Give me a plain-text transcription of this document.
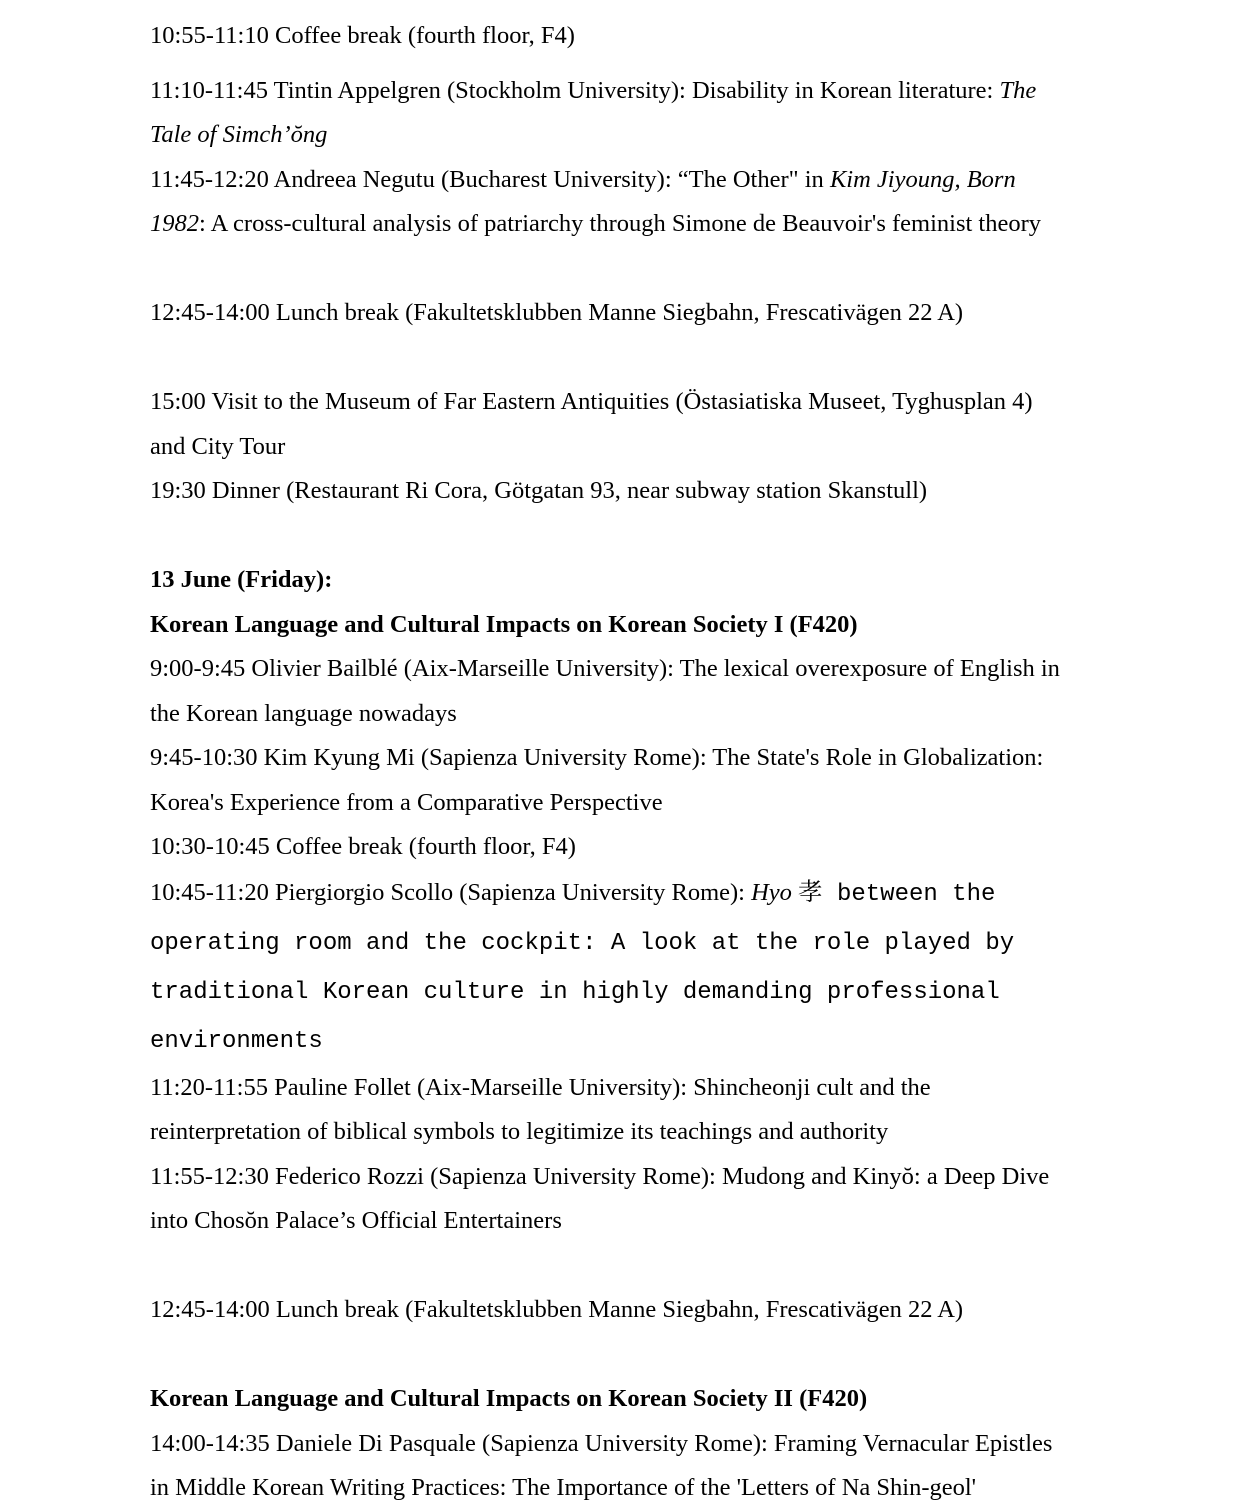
10:55-11:10 Coffee break (fourth floor, F4)
11:10-11:45 Tintin Appelgren (Stockholm University): Disability in Korean literature: The
Tale of Simch’ŏng
11:45-12:20 Andreea Negutu (Bucharest University): “The Other" in Kim Jiyoung, Born
1982: A cross-cultural analysis of patriarchy through Simone de Beauvoir's feminist theory

12:45-14:00 Lunch break (Fakultetsklubben Manne Siegbahn, Frescativägen 22 A)

15:00 Visit to the Museum of Far Eastern Antiquities (Östasiatiska Museet, Tyghusplan 4)
and City Tour
19:30 Dinner (Restaurant Ri Cora, Götgatan 93, near subway station Skanstull)

13 June (Friday):
Korean Language and Cultural Impacts on Korean Society I (F420)
9:00-9:45 Olivier Bailblé (Aix-Marseille University): The lexical overexposure of English in
the Korean language nowadays
9:45-10:30 Kim Kyung Mi (Sapienza University Rome): The State's Role in Globalization:
Korea's Experience from a Comparative Perspective
10:30-10:45 Coffee break (fourth floor, F4)
10:45-11:20 Piergiorgio Scollo (Sapienza University Rome): Hyo 孝 between the
operating room and the cockpit: A look at the role played by
traditional Korean culture in highly demanding professional
environments
11:20-11:55 Pauline Follet (Aix-Marseille University): Shincheonji cult and the
reinterpretation of biblical symbols to legitimize its teachings and authority
11:55-12:30 Federico Rozzi (Sapienza University Rome): Mudong and Kinyŏ: a Deep Dive
into Chosŏn Palace’s Official Entertainers

12:45-14:00 Lunch break (Fakultetsklubben Manne Siegbahn, Frescativägen 22 A)

Korean Language and Cultural Impacts on Korean Society II (F420)
14:00-14:35 Daniele Di Pasquale (Sapienza University Rome): Framing Vernacular Epistles
in Middle Korean Writing Practices: The Importance of the 'Letters of Na Shin-geol'
